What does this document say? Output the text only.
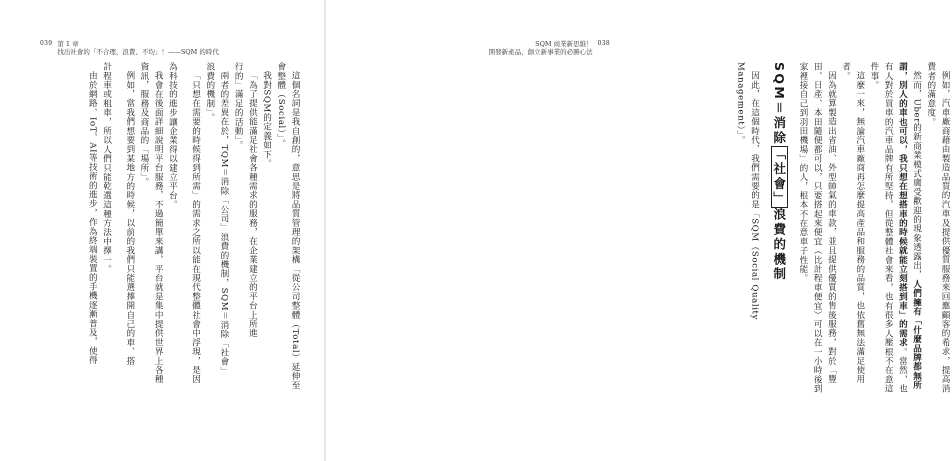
039 第 1 章
找出社會的「不合理、浪費、不均」！——SQM 的時代

這個名詞是我自創的，意思是將品質管理的架構「從公司整體（Total）延伸至

會整體（Social）」。

我對SQM的定義如下。

「為了提供能滿足社會各種需求的服務，在企業建立的平台上所進

行的」滿足的活動」。

兩者的差異在於，TQM＝消除「公司」浪費的機制，SQM＝消除「社會」

浪費的機制」。

「只想在需要的時候得到所需」的需求之所以能在現代整體社會中浮現，是因

為科技的進步讓企業得以建立平台。

我會在後面詳細說明平台服務，不過簡單來講，平台就是集中提供世界上各種

資訊，服務及商品的「場所」。

例如，當我們想要到某地方的時候，以前的我們只能選擇開自己的車、搭

計程車或租車，所以人們只能乾選這種方法中擇一。

由於網路、IoT、AI等技術的進步，作為終端裝置的手機逐漸普及，使得

SQM 商業新思維！
開發新產品、創立新事業的必勝心法
038

例如，汽車廠商藉由製造品質的汽車及提供優質服務來回應顧客的希求，提高消費者的滿意度。

然而，Uber的新商業模式廣受歡迎的現象透露出，人們擁有「什麼品牌都無所謂，別人的車也可以，我只想在想搭車的時候就能立刻搭到車」的需求。當然，也有人對於買車的汽車品牌有所堅持，但從整體社會來看，也有很多人壓根不在意這件事。

這麼一來，無論汽車廠商再怎麼提高產品和服務的品質，也依舊無法滿足使用者。

因為就算製造出省油、外型帥氣的車款，並且提供優質的售後服務，對於「豐田、日產、本田隨便都可以，只要搭起來便宜（比計程車便宜）可以在一小時後到家裡接自己到羽田機場」的人，根本不在意車子性能。

SQM＝消除「社會」浪費的機制

因此，在這個時代，我們需要的是「SQM（Social Quality Management）」。
